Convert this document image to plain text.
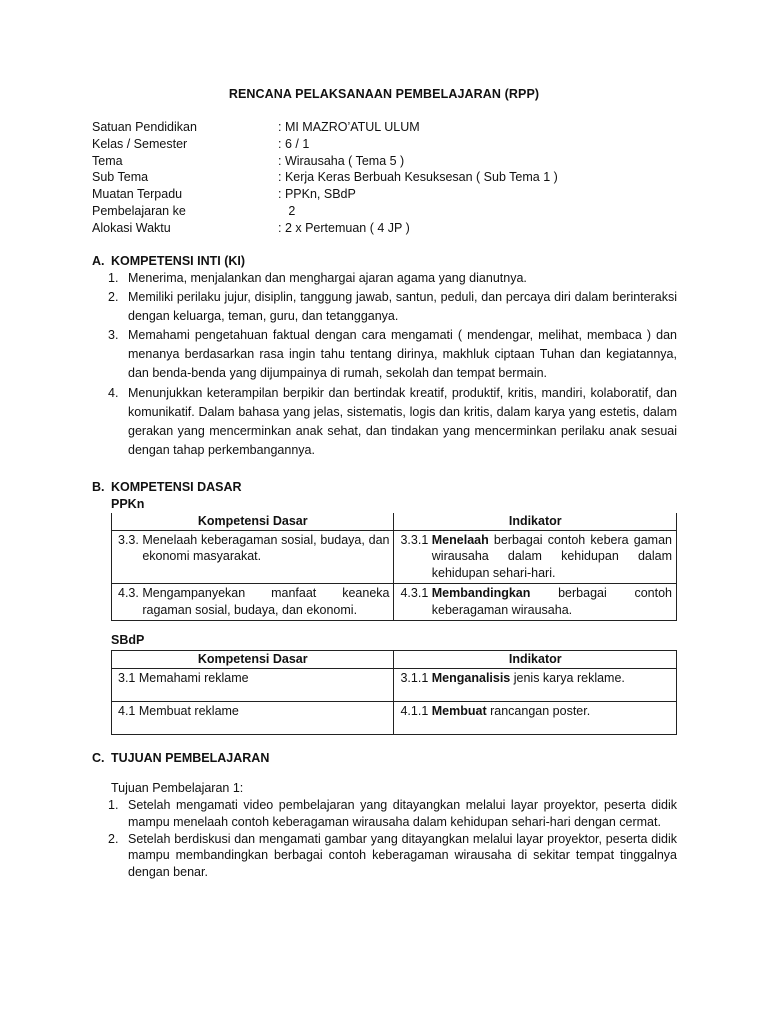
RENCANA PELAKSANAAN PEMBELAJARAN (RPP)
Satuan Pendidikan	: MI MAZRO’ATUL ULUM
Kelas / Semester	: 6 / 1
Tema	: Wirausaha ( Tema 5 )
Sub Tema	: Kerja Keras Berbuah Kesuksesan ( Sub Tema 1 )
Muatan Terpadu	: PPKn, SBdP
Pembelajaran ke	2
Alokasi Waktu	: 2 x Pertemuan ( 4 JP )
A. KOMPETENSI INTI (KI)
1. Menerima, menjalankan dan menghargai ajaran agama yang dianutnya.
2. Memiliki perilaku jujur, disiplin, tanggung jawab, santun, peduli, dan percaya diri dalam berinteraksi dengan keluarga, teman, guru, dan tetangganya.
3. Memahami pengetahuan faktual dengan cara mengamati ( mendengar, melihat, membaca ) dan menanya berdasarkan rasa ingin tahu tentang dirinya, makhluk ciptaan Tuhan dan kegiatannya, dan benda-benda yang dijumpainya di rumah, sekolah dan tempat bermain.
4. Menunjukkan keterampilan berpikir dan bertindak kreatif, produktif, kritis, mandiri, kolaboratif, dan komunikatif. Dalam bahasa yang jelas, sistematis, logis dan kritis, dalam karya yang estetis, dalam gerakan yang mencerminkan anak sehat, dan tindakan yang mencerminkan perilaku anak sesuai dengan tahap perkembangannya.
B. KOMPETENSI DASAR
PPKn
Kompetensi Dasar	Indikator

3.3. Menelaah keberagaman sosial, budaya, dan ekonomi masyarakat.	3.3.1 Menelaah berbagai contoh kebera gaman wirausaha dalam kehidupan dalam kehidupan sehari-hari.

4.3. Mengampanyekan manfaat keaneka ragaman sosial, budaya, dan ekonomi.	4.3.1 Membandingkan berbagai contoh keberagaman wirausaha.
SBdP
Kompetensi Dasar	Indikator
3.1 Memahami reklame	3.1.1 Menganalisis jenis karya reklame.
4.1 Membuat reklame	4.1.1 Membuat rancangan poster.
C. TUJUAN PEMBELAJARAN
Tujuan Pembelajaran 1:
1. Setelah mengamati video pembelajaran yang ditayangkan melalui layar proyektor, peserta didik mampu menelaah contoh keberagaman wirausaha dalam kehidupan sehari-hari dengan cermat.
2. Setelah berdiskusi dan mengamati gambar yang ditayangkan melalui layar proyektor, peserta didik mampu membandingkan berbagai contoh keberagaman wirausaha di sekitar tempat tinggalnya dengan benar.
